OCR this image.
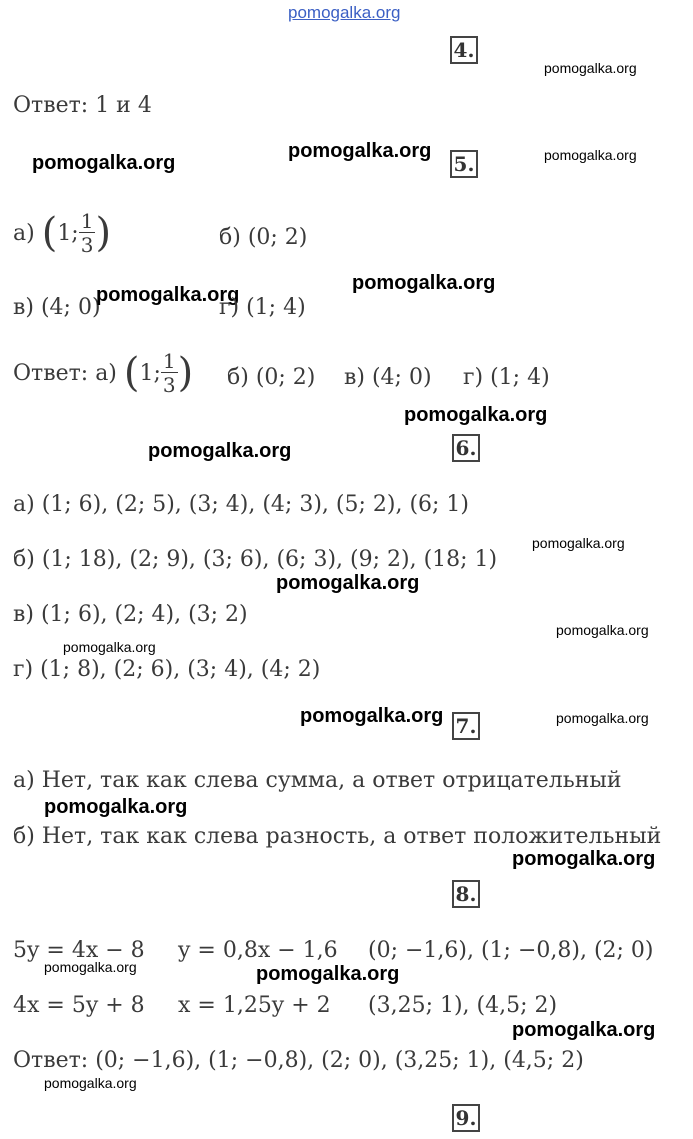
pomogalka.org
4.
pomogalka.org
Ответ: 1 и 4
pomogalka.org
pomogalka.org
5.	pomogalka.org
а)
( 1; $\frac{1}{3}$ )	б) (0; 2)
pomogalka.org
в) (4; 0)
pomogalka.org
г) (1; 4)
Ответ: а)
( 1; $\frac{1}{3}$ ) б) (0; 2) в) (4; 0) г) (1; 4)
pomogalka.org
pomogalka.org	6.
а) (1; 6), (2; 5), (3; 4), (4; 3), (5; 2), (6; 1)
pomogalka.org
б) (1; 18), (2; 9), (3; 6), (6; 3), (9; 2), (18; 1)
pomogalka.org
в) (1; 6), (2; 4), (3; 2)
pomogalka.org
pomogalka.org
г) (1; 8), (2; 6), (3; 4), (4; 2)
pomogalka.org 7.	pomogalka.org
а) Нет, так как слева сумма, а ответ отрицательный
pomogalka.org
б) Нет, так как слева разность, а ответ положительный
pomogalka.org
8.
5y = 4x − 8 y = 0,8x − 1,6 (0; −1,6), (1; −0,8), (2; 0)
pomogalka.org	pomogalka.org
4x = 5y + 8 x = 1,25y + 2 (3,25; 1), (4,5; 2)
pomogalka.org
Ответ: (0; −1,6), (1; −0,8), (2; 0), (3,25; 1), (4,5; 2)
pomogalka.org
9.
